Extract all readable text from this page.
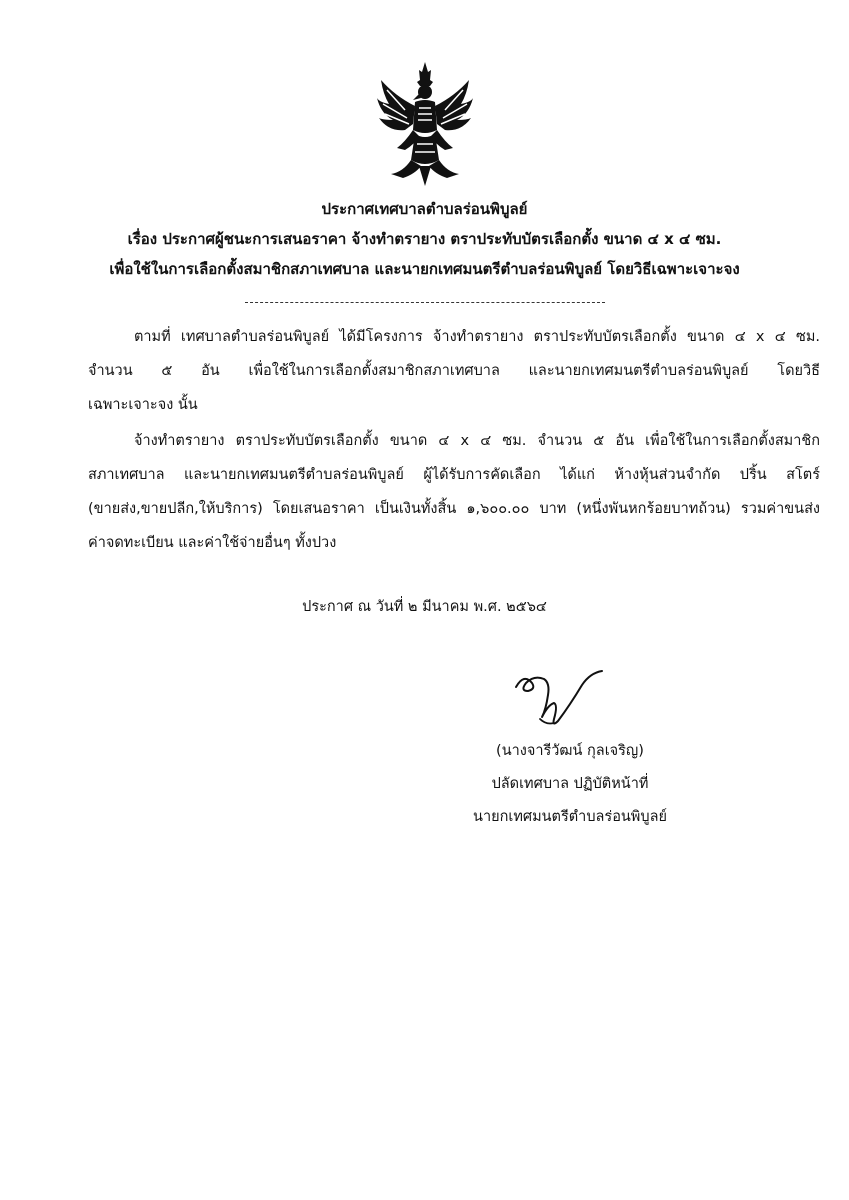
ประกาศเทศบาลตำบลร่อนพิบูลย์
เรื่อง ประกาศผู้ชนะการเสนอราคา จ้างทำตรายาง ตราประทับบัตรเลือกตั้ง ขนาด ๔ x ๔ ซม.
เพื่อใช้ในการเลือกตั้งสมาชิกสภาเทศบาล และนายกเทศมนตรีตำบลร่อนพิบูลย์ โดยวิธีเฉพาะเจาะจง
ตามที่ เทศบาลตำบลร่อนพิบูลย์ ได้มีโครงการ จ้างทำตรายาง ตราประทับบัตรเลือกตั้ง ขนาด ๔ x ๔ ซม.
จำนวน ๕ อัน เพื่อใช้ในการเลือกตั้งสมาชิกสภาเทศบาล และนายกเทศมนตรีตำบลร่อนพิบูลย์ โดยวิธี
เฉพาะเจาะจง นั้น
จ้างทำตรายาง ตราประทับบัตรเลือกตั้ง ขนาด ๔ x ๔ ซม. จำนวน ๕ อัน เพื่อใช้ในการเลือกตั้งสมาชิก
สภาเทศบาล และนายกเทศมนตรีตำบลร่อนพิบูลย์ ผู้ได้รับการคัดเลือก ได้แก่ ห้างหุ้นส่วนจำกัด ปริ้น สโตร์
(ขายส่ง,ขายปลีก,ให้บริการ) โดยเสนอราคา เป็นเงินทั้งสิ้น ๑,๖๐๐.๐๐ บาท (หนึ่งพันหกร้อยบาทถ้วน) รวมค่าขนส่ง
ค่าจดทะเบียน และค่าใช้จ่ายอื่นๆ ทั้งปวง
ประกาศ ณ วันที่ ๒ มีนาคม พ.ศ. ๒๕๖๔
(นางจารีวัฒน์ กุลเจริญ)
ปลัดเทศบาล ปฏิบัติหน้าที่
นายกเทศมนตรีตำบลร่อนพิบูลย์
